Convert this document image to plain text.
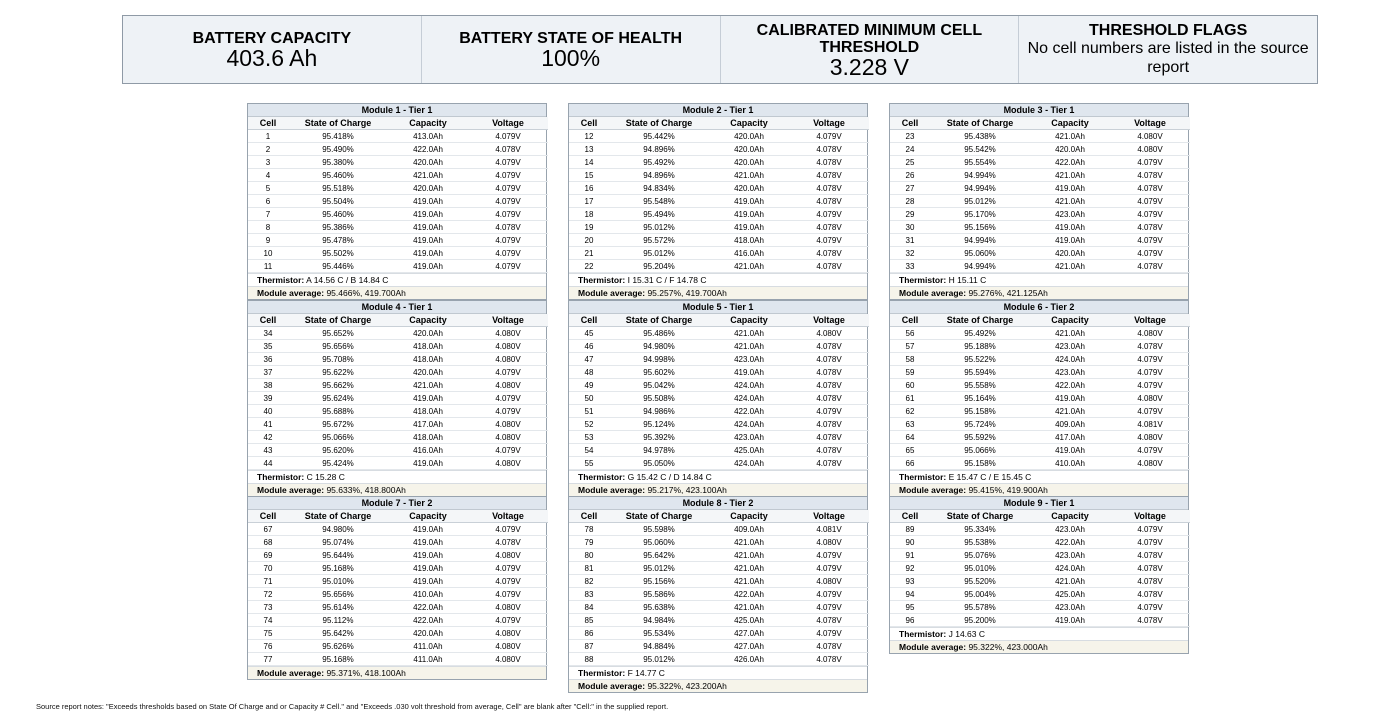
BATTERY CAPACITY
403.6 Ah
BATTERY STATE OF HEALTH
100%
CALIBRATED MINIMUM CELL THRESHOLD
3.228 V
THRESHOLD FLAGS
No cell numbers are listed in the source report
Module 1 - Tier 1
Cell	State of Charge	Capacity	Voltage
1	95.418%	413.0Ah	4.079V
2	95.490%	422.0Ah	4.078V
3	95.380%	420.0Ah	4.079V
4	95.460%	421.0Ah	4.079V
5	95.518%	420.0Ah	4.079V
6	95.504%	419.0Ah	4.079V
7	95.460%	419.0Ah	4.079V
8	95.386%	419.0Ah	4.078V
9	95.478%	419.0Ah	4.079V
10	95.502%	419.0Ah	4.079V
11	95.446%	419.0Ah	4.079V
Thermistor: A 14.56 C / B 14.84 C
Module average: 95.466%, 419.700Ah
Module 2 - Tier 1
Cell	State of Charge	Capacity	Voltage
12	95.442%	420.0Ah	4.079V
13	94.896%	420.0Ah	4.078V
14	95.492%	420.0Ah	4.078V
15	94.896%	421.0Ah	4.078V
16	94.834%	420.0Ah	4.078V
17	95.548%	419.0Ah	4.078V
18	95.494%	419.0Ah	4.079V
19	95.012%	419.0Ah	4.078V
20	95.572%	418.0Ah	4.079V
21	95.012%	416.0Ah	4.078V
22	95.204%	421.0Ah	4.078V
Thermistor: I 15.31 C / F 14.78 C
Module average: 95.257%, 419.700Ah
Module 3 - Tier 1
Cell	State of Charge	Capacity	Voltage
23	95.438%	421.0Ah	4.080V
24	95.542%	420.0Ah	4.080V
25	95.554%	422.0Ah	4.079V
26	94.994%	421.0Ah	4.078V
27	94.994%	419.0Ah	4.078V
28	95.012%	421.0Ah	4.079V
29	95.170%	423.0Ah	4.079V
30	95.156%	419.0Ah	4.078V
31	94.994%	419.0Ah	4.079V
32	95.060%	420.0Ah	4.079V
33	94.994%	421.0Ah	4.078V
Thermistor: H 15.11 C
Module average: 95.276%, 421.125Ah
Module 4 - Tier 1
Cell	State of Charge	Capacity	Voltage
34	95.652%	420.0Ah	4.080V
35	95.656%	418.0Ah	4.080V
36	95.708%	418.0Ah	4.080V
37	95.622%	420.0Ah	4.079V
38	95.662%	421.0Ah	4.080V
39	95.624%	419.0Ah	4.079V
40	95.688%	418.0Ah	4.079V
41	95.672%	417.0Ah	4.080V
42	95.066%	418.0Ah	4.080V
43	95.620%	416.0Ah	4.079V
44	95.424%	419.0Ah	4.080V
Thermistor: C 15.28 C
Module average: 95.633%, 418.800Ah
Module 5 - Tier 1
Cell	State of Charge	Capacity	Voltage
45	95.486%	421.0Ah	4.080V
46	94.980%	421.0Ah	4.078V
47	94.998%	423.0Ah	4.078V
48	95.602%	419.0Ah	4.078V
49	95.042%	424.0Ah	4.078V
50	95.508%	424.0Ah	4.078V
51	94.986%	422.0Ah	4.079V
52	95.124%	424.0Ah	4.078V
53	95.392%	423.0Ah	4.078V
54	94.978%	425.0Ah	4.078V
55	95.050%	424.0Ah	4.078V
Thermistor: G 15.42 C / D 14.84 C
Module average: 95.217%, 423.100Ah
Module 6 - Tier 2
Cell	State of Charge	Capacity	Voltage
56	95.492%	421.0Ah	4.080V
57	95.188%	423.0Ah	4.078V
58	95.522%	424.0Ah	4.079V
59	95.594%	423.0Ah	4.079V
60	95.558%	422.0Ah	4.079V
61	95.164%	419.0Ah	4.080V
62	95.158%	421.0Ah	4.079V
63	95.724%	409.0Ah	4.081V
64	95.592%	417.0Ah	4.080V
65	95.066%	419.0Ah	4.079V
66	95.158%	410.0Ah	4.080V
Thermistor: E 15.47 C / E 15.45 C
Module average: 95.415%, 419.900Ah
Module 7 - Tier 2
Cell	State of Charge	Capacity	Voltage
67	94.980%	419.0Ah	4.079V
68	95.074%	419.0Ah	4.078V
69	95.644%	419.0Ah	4.080V
70	95.168%	419.0Ah	4.079V
71	95.010%	419.0Ah	4.079V
72	95.656%	410.0Ah	4.079V
73	95.614%	422.0Ah	4.080V
74	95.112%	422.0Ah	4.079V
75	95.642%	420.0Ah	4.080V
76	95.626%	411.0Ah	4.080V
77	95.168%	411.0Ah	4.080V
Module average: 95.371%, 418.100Ah
Module 8 - Tier 2
Cell	State of Charge	Capacity	Voltage
78	95.598%	409.0Ah	4.081V
79	95.060%	421.0Ah	4.080V
80	95.642%	421.0Ah	4.079V
81	95.012%	421.0Ah	4.079V
82	95.156%	421.0Ah	4.080V
83	95.586%	422.0Ah	4.079V
84	95.638%	421.0Ah	4.079V
85	94.984%	425.0Ah	4.078V
86	95.534%	427.0Ah	4.079V
87	94.884%	427.0Ah	4.078V
88	95.012%	426.0Ah	4.078V
Thermistor: F 14.77 C
Module average: 95.322%, 423.200Ah
Module 9 - Tier 1
Cell	State of Charge	Capacity	Voltage
89	95.334%	423.0Ah	4.079V
90	95.538%	422.0Ah	4.079V
91	95.076%	423.0Ah	4.078V
92	95.010%	424.0Ah	4.078V
93	95.520%	421.0Ah	4.078V
94	95.004%	425.0Ah	4.078V
95	95.578%	423.0Ah	4.079V
96	95.200%	419.0Ah	4.078V
Thermistor: J 14.63 C
Module average: 95.322%, 423.000Ah
Source report notes: "Exceeds thresholds based on State Of Charge and or Capacity # Cell." and "Exceeds .030 volt threshold from average, Cell" are blank after "Cell:" in the supplied report.
